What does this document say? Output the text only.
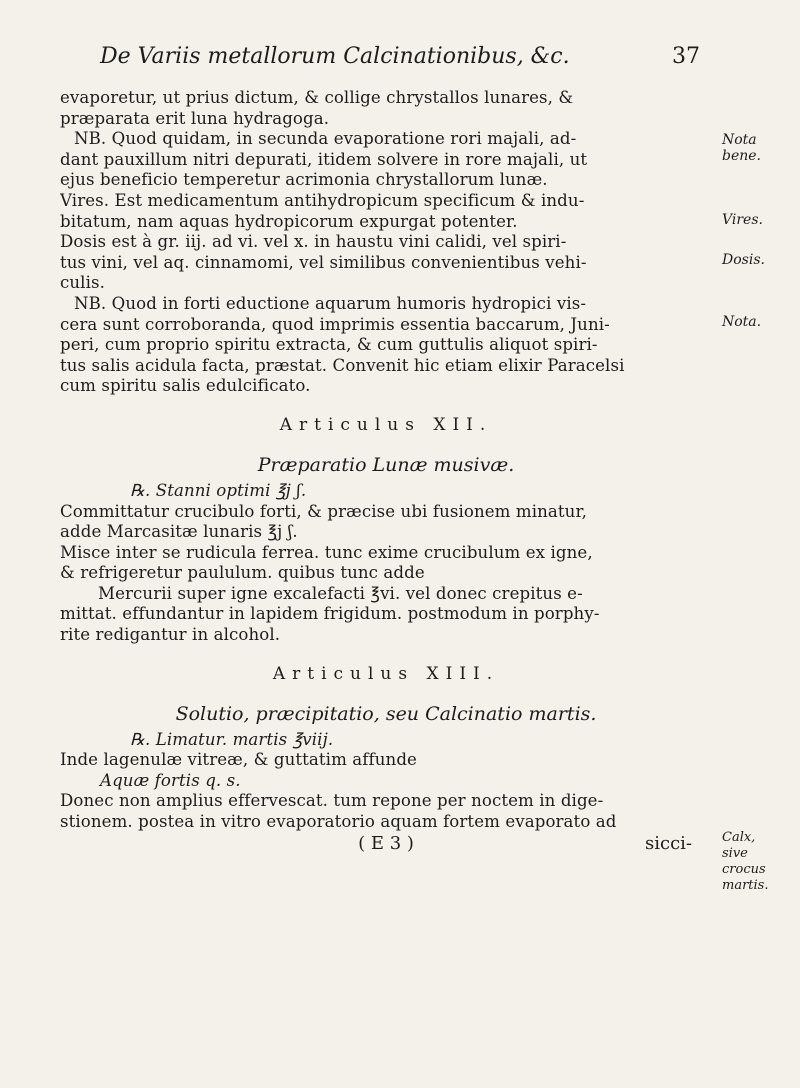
De Variis metallorum Calcinationibus, &c.	37
evaporetur, ut prius dictum, & collige chrystallos lunares, &
præparata erit luna hydragoga.
NB. Quod quidam, in secunda evaporatione rori majali, ad-
dant pauxillum nitri depurati, itidem solvere in rore majali, ut
ejus beneficio temperetur acrimonia chrystallorum lunæ.
Vires. Est medicamentum antihydropicum specificum & indu-
bitatum, nam aquas hydropicorum expurgat potenter.
Dosis est à gr. iij. ad vi. vel x. in haustu vini calidi, vel spiri-
tus vini, vel aq. cinnamomi, vel similibus convenientibus vehi-
culis.
NB. Quod in forti eductione aquarum humoris hydropici vis-
cera sunt corroboranda, quod imprimis essentia baccarum, Juni-
peri, cum proprio spiritu extracta, & cum guttulis aliquot spiri-
tus salis acidula facta, præstat. Convenit hic etiam elixir Paracelsi
cum spiritu salis edulcificato.
Articulus XII.
Præparatio Lunæ musivæ.
℞. Stanni optimi ℥j ʃ.
Committatur crucibulo forti, & præcise ubi fusionem minatur,
adde Marcasitæ lunaris ℥j ʃ.
Misce inter se rudicula ferrea. tunc exime crucibulum ex igne,
& refrigeretur paululum. quibus tunc adde
Mercurii super igne excalefacti ℥vi. vel donec crepitus e-
mittat. effundantur in lapidem frigidum. postmodum in porphy-
rite redigantur in alcohol.
Articulus XIII.
Solutio, præcipitatio, seu Calcinatio martis.
℞. Limatur. martis ℥viij.
Inde lagenulæ vitreæ, & guttatim affunde
Aquæ fortis q. s.
Donec non amplius effervescat. tum repone per noctem in dige-
stionem. postea in vitro evaporatorio aquam fortem evaporato ad
( E 3 )	sicci-
Nota bene.
Vires.
Dosis.
Nota.
Calx, sive crocus martis.
